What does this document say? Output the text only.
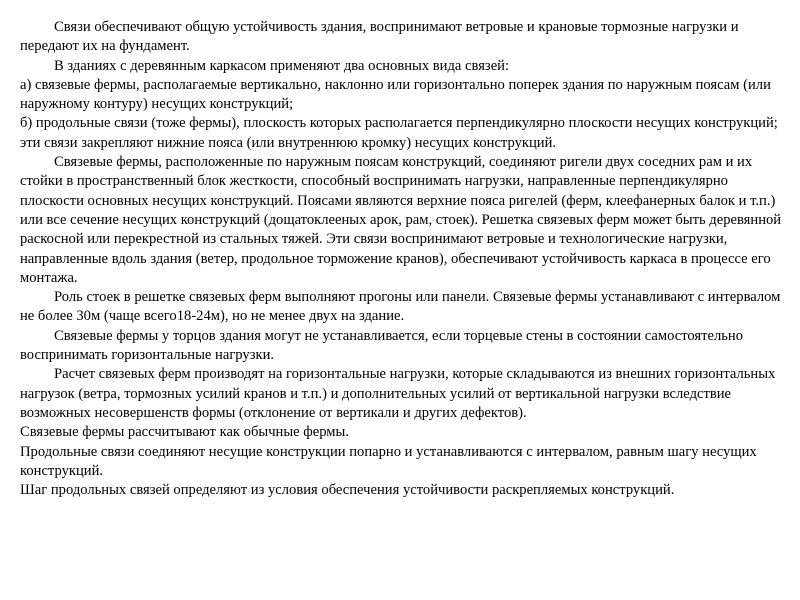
Связи обеспечивают общую устойчивость здания, воспринимают ветровые и крановые тормозные нагрузки и передают их на фундамент.

В зданиях с деревянным каркасом применяют два основных вида связей:

а) связевые фермы, располагаемые вертикально, наклонно или горизонтально поперек здания по наружным поясам (или наружному контуру) несущих конструкций;

б) продольные связи (тоже фермы), плоскость которых располагается перпендикулярно плоскости несущих конструкций; эти связи закрепляют нижние пояса (или внутреннюю кромку) несущих конструкций.

Связевые фермы, расположенные по наружным поясам конструкций, соединяют ригели двух соседних рам и их стойки в пространственный блок жесткости, способный воспринимать нагрузки, направленные перпендикулярно плоскости основных несущих конструкций. Поясами являются верхние пояса ригелей (ферм, клеефанерных балок и т.п.) или все сечение несущих конструкций (дощатоклееных арок, рам, стоек). Решетка связевых ферм может быть деревянной раскосной или перекрестной из стальных тяжей. Эти связи воспринимают ветровые и технологические нагрузки, направленные вдоль здания (ветер, продольное торможение кранов), обеспечивают устойчивость каркаса в процессе его монтажа.

Роль стоек в решетке связевых ферм выполняют прогоны или панели. Связевые фермы устанавливают с интервалом не более 30м (чаще всего18-24м), но не менее двух на здание.

Связевые фермы у торцов здания могут не устанавливается, если торцевые стены в состоянии самостоятельно воспринимать горизонтальные нагрузки.

Расчет связевых ферм производят на горизонтальные нагрузки, которые складываются из внешних горизонтальных нагрузок (ветра, тормозных усилий кранов и т.п.) и дополнительных усилий от вертикальной нагрузки вследствие возможных несовершенств формы (отклонение от вертикали и других дефектов).

Связевые фермы рассчитывают как обычные фермы.

Продольные связи соединяют несущие конструкции попарно и устанавливаются с интервалом, равным шагу несущих конструкций.

Шаг продольных связей определяют из условия обеспечения устойчивости раскрепляемых конструкций.
